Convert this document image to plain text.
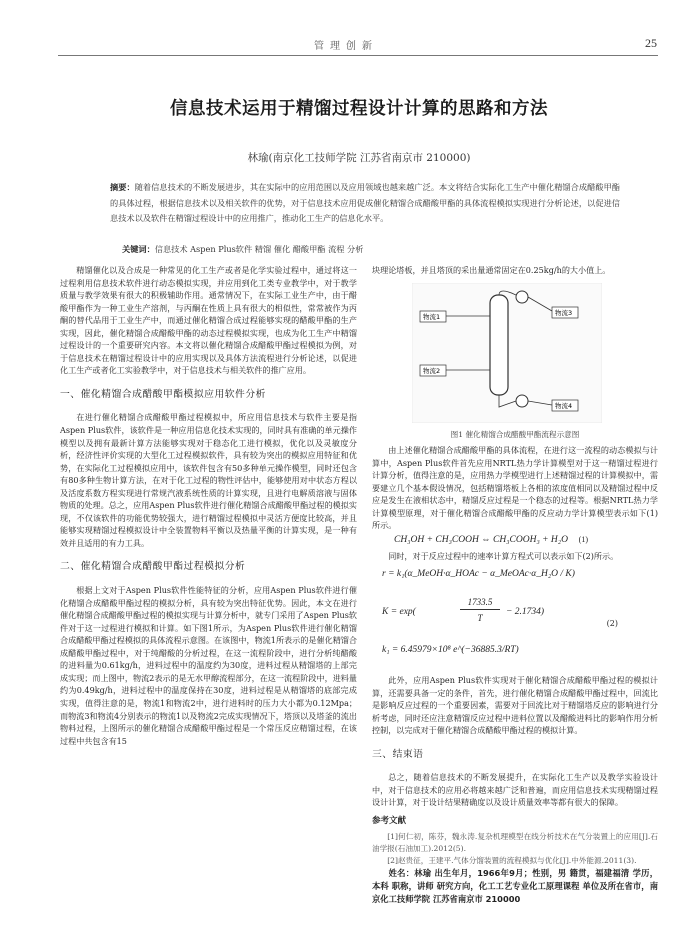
管理创新	25
信息技术运用于精馏过程设计计算的思路和方法
林瑜(南京化工技师学院 江苏省南京市 210000)
摘要：随着信息技术的不断发展进步，其在实际中的应用范围以及应用领域也越来越广泛。本文将结合实际化工生产中催化精馏合成醋酸甲酯的具体过程，根据信息技术以及相关软件的优势，对于信息技术应用促成催化精馏合成醋酸甲酯的具体流程模拟实现进行分析论述，以促进信息技术以及软件在精馏过程设计中的应用推广，推动化工生产的信息化水平。
关键词：信息技术 Aspen Plus软件 精馏 催化 醋酸甲酯 流程 分析

精馏催化以及合成是一种常见的化工生产或者是化学实验过程中，通过将这一过程利用信息技术软件进行动态模拟实现，并应用到化工类专业教学中，对于教学质量与教学效果有很大的积极辅助作用。通常情况下，在实际工业生产中，由于醋酸甲酯作为一种工业生产溶剂，与丙酮在性质上具有很大的相似性，常常被作为丙酮的替代品用于工业生产中，而通过催化精馏合成过程能够实现的醋酸甲酯的生产实现，因此，催化精馏合成醋酸甲酯的动态过程模拟实现，也成为化工生产中精馏过程设计的一个重要研究内容。本文将以催化精馏合成醋酸甲酯过程模拟为例，对于信息技术在精馏过程设计中的应用实现以及具体方法流程进行分析论述，以促进化工生产或者化工实验教学中，对于信息技术与相关软件的推广应用。

一、催化精馏合成醋酸甲酯模拟应用软件分析

在进行催化精馏合成醋酸甲酯过程模拟中，所应用信息技术与软件主要是指Aspen Plus软件，该软件是一种应用信息化技术实现的，同时具有准确的单元操作模型以及拥有最新计算方法能够实现对于稳态化工进行模拟，优化以及灵敏度分析，经济性评价实现的大型化工过程模拟软件，具有较为突出的模拟应用特征和优势，在实际化工过程模拟应用中，该软件包含有50多种单元操作模型，同时还包含有80多种生物计算方法，在对于化工过程的物性评估中，能够使用对中状态方程以及活度系数方程实现进行常规汽液系统性质的计算实现，且进行电解质溶液与固体物质的处理。总之，应用Aspen Plus软件进行催化精馏合成醋酸甲酯过程的模拟实现，不仅该软件的功能优势较强大，进行精馏过程模拟中灵活方便度比较高，并且能够实现精馏过程模拟设计中全装置物料平衡以及热量平衡的计算实现，是一种有效并且适用的有力工具。

二、催化精馏合成醋酸甲酯过程模拟分析

根据上文对于Aspen Plus软件性能特征的分析，应用Aspen Plus软件进行催化精馏合成醋酸甲酯过程的模拟分析，具有较为突出特征优势。因此，本文在进行催化精馏合成醋酸甲酯过程的模拟实现与计算分析中，就专门采用了Aspen Plus软件对于这一过程进行模拟和计算。如下图1所示，为Aspen Plus软件进行催化精馏合成醋酸甲酯过程模拟的具体流程示意图。在该图中，物流1所表示的是催化精馏合成醋酸甲酯过程中，对于纯醋酸的分析过程，在这一流程阶段中，进行分析纯醋酸的进料量为0.61kg/h，进料过程中的温度约为30度，进料过程从精馏塔的上部完成实现；而上图中，物流2表示的是无水甲醇流程部分，在这一流程阶段中，进料量约为0.49kg/h，进料过程中的温度保持在30度，进料过程是从精馏塔的底部完成实现，值得注意的是，物流1和物流2中，进行进料时的压力大小都为0.12Mpa；而物流3和物流4分别表示的物流1以及物流2完成实现情况下，塔顶以及塔釜的流出物料过程，上图所示的催化精馏合成醋酸甲酯过程是一个常压反应精馏过程，在该过程中共包含有15

块理论塔板，并且塔顶的采出量通常固定在0.25kg/h的大小值上。

物流1
物流2
物流3
物流4
图1 催化精馏合成醋酸甲酯流程示意图

由上述催化精馏合成醋酸甲酯的具体流程，在进行这一流程的动态模拟与计算中，Aspen Plus软件首先应用NRTL热力学计算模型对于这一精馏过程进行计算分析，值得注意的是，应用热力学模型进行上述精馏过程的计算模拟中，需要建立几个基本假设情况，包括精馏塔板上各相的浓度值相同以及精馏过程中反应是发生在液相状态中，精馏反应过程是一个稳态的过程等。根据NRTL热力学计算模型原理，对于催化精馏合成醋酸甲酯的反应动力学计算模型表示如下(1)所示。

CH₃OH + CH₃COOH ⇔ CH₃COOH₃ + H₂O (1)

同时，对于反应过程中的速率计算方程式可以表示如下(2)所示。

r = k₁(α_MeOH·α_HOAc − α_MeOAc·α_H₂O / K)
K = exp(
1733.5
T
− 2.1734)
k₁ = 6.45979×10⁸ e^(−36885.3/RT)
(2)

此外，应用Aspen Plus软件实现对于催化精馏合成醋酸甲酯过程的模拟计算，还需要具备一定的条件，首先，进行催化精馏合成醋酸甲酯过程中，回流比是影响反应过程的一个重要因素，需要对于回流比对于精馏塔反应的影响进行分析考虑，同时还应注意精馏反应过程中进料位置以及醋酸进料比的影响作用分析控制，以完成对于催化精馏合成醋酸甲酯过程的模拟计算。

三、结束语

总之，随着信息技术的不断发展提升，在实际化工生产以及教学实验设计中，对于信息技术的应用必将越来越广泛和普遍，而应用信息技术实现精馏过程设计计算，对于设计结果精确度以及设计质量效率等都有很大的保障。

参考文献

[1]何仁初，陈芬，魏永涛.复杂机理模型在线分析技术在气分装置上的应用[J].石油学报(石油加工).2012(5).

[2]赵贵征，王建平.气体分馏装置的流程模拟与优化[J].中外能源.2011(3).

姓名：林瑜 出生年月，1966年9月；性别，男 籍贯，福建福清 学历，本科 职称，讲师 研究方向，化工工艺专业化工原理课程 单位及所在省市，南京化工技师学院 江苏省南京市 210000
